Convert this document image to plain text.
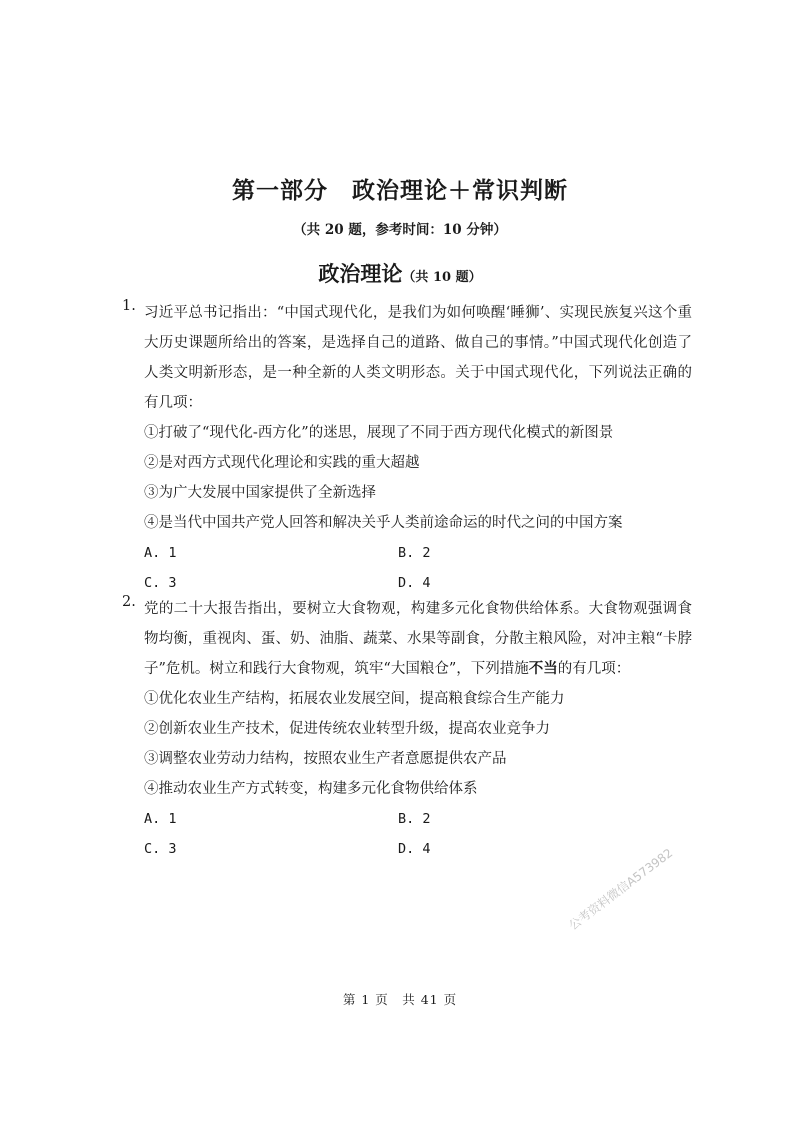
第一部分　政治理论＋常识判断
（共 20 题，参考时间：10 分钟）
政治理论（共 10 题）
1. 习近平总书记指出：“中国式现代化，是我们为如何唤醒‘睡狮’、实现民族复兴这个重大历史课题所给出的答案，是选择自己的道路、做自己的事情。”中国式现代化创造了人类文明新形态，是一种全新的人类文明形态。关于中国式现代化，下列说法正确的有几项：
①打破了“现代化-西方化”的迷思，展现了不同于西方现代化模式的新图景
②是对西方式现代化理论和实践的重大超越
③为广大发展中国家提供了全新选择
④是当代中国共产党人回答和解决关乎人类前途命运的时代之问的中国方案
A. 1	B. 2
C. 3	D. 4
2. 党的二十大报告指出，要树立大食物观，构建多元化食物供给体系。大食物观强调食物均衡，重视肉、蛋、奶、油脂、蔬菜、水果等副食，分散主粮风险，对冲主粮“卡脖子”危机。树立和践行大食物观，筑牢“大国粮仓”，下列措施不当的有几项：
①优化农业生产结构，拓展农业发展空间，提高粮食综合生产能力
②创新农业生产技术，促进传统农业转型升级，提高农业竞争力
③调整农业劳动力结构，按照农业生产者意愿提供农产品
④推动农业生产方式转变，构建多元化食物供给体系
A. 1	B. 2
C. 3	D. 4	公考资料微信A573982
第 1 页　共 41 页
